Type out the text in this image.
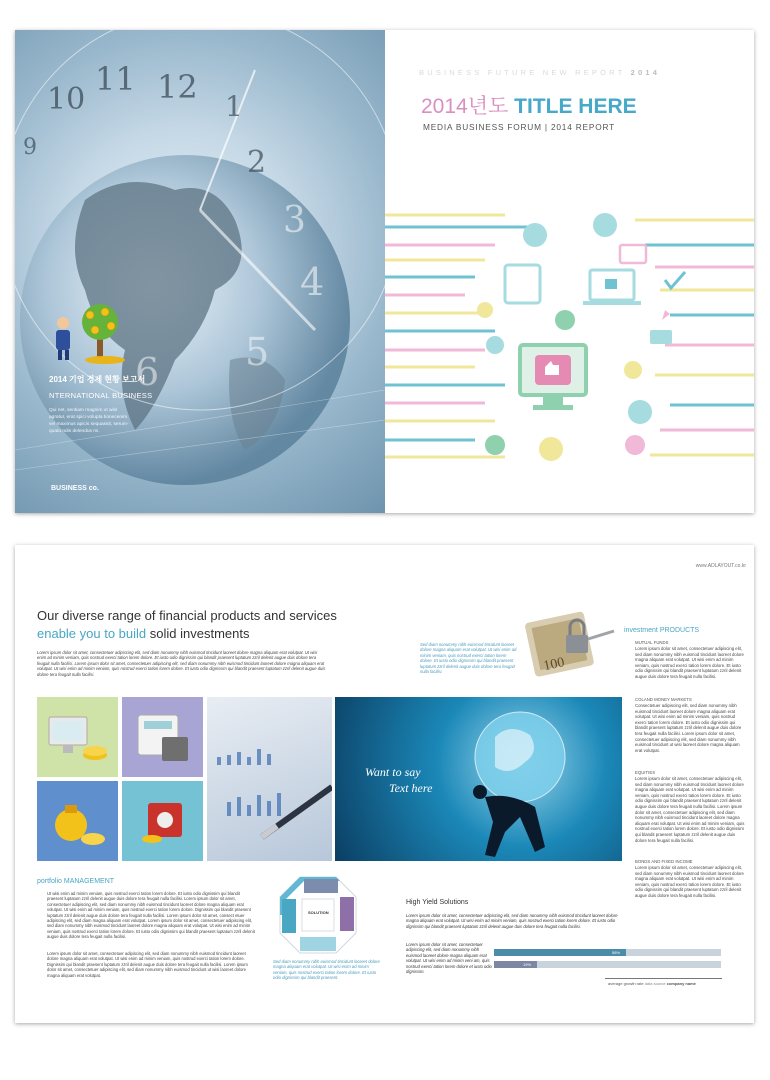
10
11 12
1
2
3
4
5
6
9
2014 기업 경제 현황 보고서
NTERNATIONAL BUSINESS
Qui net, sentiam magnim ut wisl
agratur, erat spici volupta tionecenim
vel maximus apicis sequassit, serum-
quatu ndis delendus mi.
BUSINESS co.
BUSINESS FUTURE NEW REPORT 2014
2014년도 TITLE HERE
MEDIA BUSINESS FORUM | 2014 REPORT
www.ADLAYOUT.co.kr
Our diverse range of financial products and services
enable you to build solid investments
Lorem ipsum dolor sit amet, consectetuer adipiscing elit, sed diam nonummy nibh euismod tincidunt laoreet dolore magna aliquam erat volutpat. Ut wisi enim ad minim veniam, quis nostrud exerci tation lorem dolore. Et iusto odio dignissim qui blandit praesent luptatum zzril delenit augue duis dolore tera feugait nulla facilisi. Lorem ipsum dolor sit amet, consectetuer adipiscing elit, sed diam nonummy nibh euismod tincidunt laoreet dolore magna aliquam erat volutpat. Ut wisi enim ad minim veniam, quis nostrud exerci tation lorem dolore. Et iusto odio dignissim qui blandit praesent luptatum zzril delenit augue duis dolore tera feugait nulla facilisi.
Sed diam nonummy nibh euismod tincidunt laoreet dolore magna aliquam erat volutpat. Ut wisi enim ad minim veniam, quis nostrud exerci tation lorem dolore. Et iusto odio dignissim qui blandit praesent luptatum zzril delenit augue duis dolore tera feugait nulla facilisi.	100
Want to say
Text here
investment PRODUCTS
MUTUAL FUNDS
Lorem ipsum dolor sit amet, consectetuer adipiscing elit, sed diam nonummy nibh euismod tincidunt laoreet dolore magna aliquam erat volutpat. Ut wisi enim ad minim veniam, quis nostrud exerci tation lorem dolore. Et iusto odio dignissim qui blandit praesent luptatum zzril delenit augue duis dolore tera feugait nulla facilisi.
COLAND MONEY MARKETS
Consectetuer adipiscing elit, sed diam nonummy nibh euismod tincidunt laoreet dolore magna aliquam erat volutpat. Ut wisi enim ad minim veniam, quis nostrud exerci tation lorem dolore. Et iusto odio dignissim qui blandit praesent luptatum zzril delenit augue duis dolore tera feugait nulla facilisi. Lorem ipsum dolor sit amet, consectetuer adipiscing elit, sed diam nonummy nibh euismod tincidunt ut wisi laoreet dolore magna aliquam erat volutpat.
EQUITIES
Lorem ipsum dolor sit amet, consectetuer adipiscing elit, sed diam nonummy nibh euismod tincidunt laoreet dolore magna aliquam erat volutpat. Ut wisi enim ad minim veniam, quis nostrud exerci tation lorem dolore. Et iusto odio dignissim qui blandit praesent luptatum zzril delenit augue duis dolore tera feugait nulla facilisi. Lorem ipsum dolor sit amet, consectetuer adipiscing elit, sed diam nonummy nibh euismod tincidunt laoreet dolore magna aliquam erat volutpat. Ut wisi enim ad minim veniam, quis nostrud exerci tation lorem dolore. Et iusto odio dignissim qui blandit praesent luptatum zzril delenit augue duis dolore tera feugait nulla facilisi.
BONDS AND FIXED INCOME
Lorem ipsum dolor sit amet, consectetuer adipiscing elit, sed diam nonummy nibh euismod tincidunt laoreet dolore magna aliquam erat volutpat. Ut wisi enim ad minim veniam, quis nostrud exerci tation lorem dolore. Et iusto odio dignissim qui blandit praesent luptatum zzril delenit augue duis dolore tera feugait nulla facilisi.
portfolio MANAGEMENT
Ut wisi enim ad minim veniam, quis nostrud exerci tation lorem dolore. Et iusto odio dignissim qui blandit praesent luptatum zzril delenit augue duis dolore tera feugait nulla facilisi. Lorem ipsum dolor sit amet, consectetuer adipiscing elit, sed diam nonummy nibh euismod tincidunt laoreet dolore magna aliquam erat volutpat. Ut wisi enim ad minim veniam, quis nostrud exerci tation lorem dolore. Dignissim qui blandit praesent luptatum zzril delenit augue duis dolore tera feugait nulla facilisi. Lorem ipsum dolor sit amet, consect etuer adipiscing elit, sed diam magna aliquam erat volutpat. Lorem ipsum dolor sit amet, consectetuer adipiscing elit, sed diam nonummy nibh euismod tincidunt laoreet dolore magna aliquam erat volutpat. Ut wisi enim ad minim veniam, quis nostrud exerci tation lorem dolore. Et iusto odio dignissim qui blandit praesent luptatum zzril delenit augue duis dolore tera feugait nulla facilisi.
Lorem ipsum dolor sit amet, consectetuer adipiscing elit, sed diam nonummy nibh euismod tincidunt laoreet dolore magna aliquam erat volutpat. Ut wisi enim ad minim veniam, quis nostrud exerci tation lorem dolore. Dignissim qui blandit praesent luptatum zzril delenit augue duis dolore tera feugait nulla facilisi. Lorem ipsum dolor sit amet, consectetuer adipiscing elit, sed diam nonummy nibh euismod tincidunt ut wisi laoreet dolore magna aliquam erat volutpat.
SOLUTION
Sed diam nonummy nibh euismod tincidunt laoreet dolore magna aliquam erat volutpat. Ut wisi enim ad minim veniam, quis nostrud exerci tation lorem dolore. Et iusto odio dignissim qui blandit praesent.
High Yield Solutions
Lorem ipsum dolor sit amet, consectetuer adipiscing elit, sed diam nonummy nibh euismod tincidunt laoreet dolore magna aliquam erat volutpat. Ut wisi enim ad minim veniam, quis nostrud exerci tation lorem dolore. Et iusto odio dignissim qui blandit praesent luptatum zzril delenit augue duis dolore tera feugait nulla facilisi.
Lorem ipsum dolor sit amet, consectetuer adipiscing elit, sed diam nonummy nibh euismod laoreet dolore magna aliquam erat volutpat. Ut wisi enim ad minim veni am, quis nostrud exerci tation lorem dolore et iusto odio dignissim.
58%
19%
average growth rate data source company name
